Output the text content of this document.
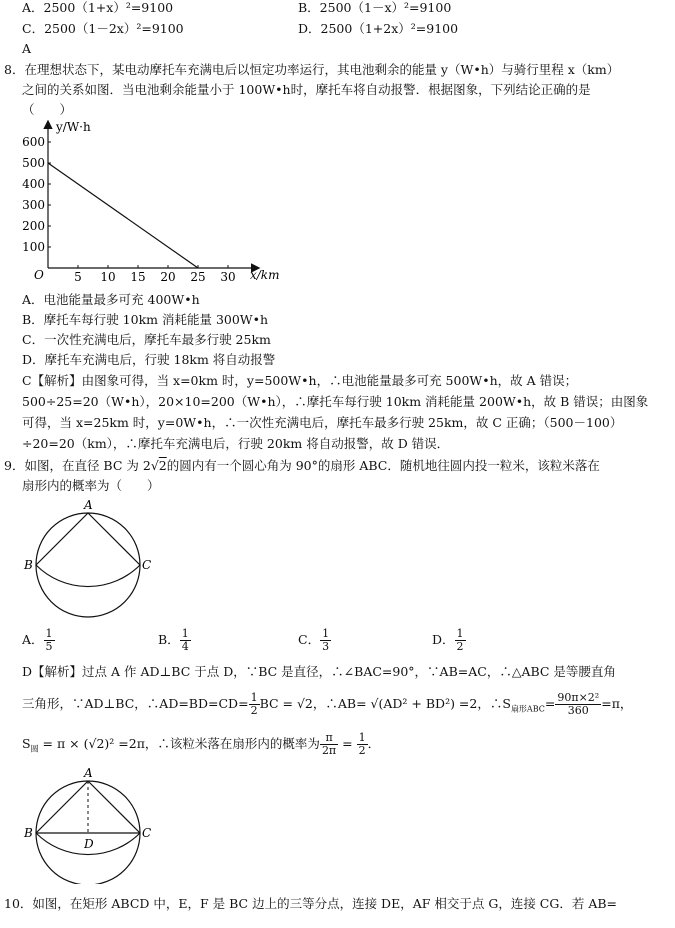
A．2500（1+x）²=9100	B．2500（1－x）²=9100
C．2500（1－2x）²=9100	D．2500（1+2x）²=9100
A
8．在理想状态下，某电动摩托车充满电后以恒定功率运行，其电池剩余的能量 y（W•h）与骑行里程 x（km）
之间的关系如图．当电池剩余能量小于 100W•h时，摩托车将自动报警．根据图象，下列结论正确的是
（　　）
y/W·h
x/km
O	5 10 15 20 25 30
100
200
300
400
500
600
A．电池能量最多可充 400W•h
B．摩托车每行驶 10km 消耗能量 300W•h
C．一次性充满电后，摩托车最多行驶 25km
D．摩托车充满电后，行驶 18km 将自动报警
C【解析】由图象可得，当 x=0km 时，y=500W•h，∴电池能量最多可充 500W•h，故 A 错误；
500÷25=20（W•h），20×10=200（W•h），∴摩托车每行驶 10km 消耗能量 200W•h，故 B 错误；由图象
可得，当 x=25km 时，y=0W•h，∴一次性充满电后，摩托车最多行驶 25km，故 C 正确；（500－100）
÷20=20（km），∴摩托车充满电后，行驶 20km 将自动报警，故 D 错误．
9．如图，在直径 BC 为 2√2的圆内有一个圆心角为 90°的扇形 ABC．随机地往圆内投一粒米，该粒米落在
扇形内的概率为（　　）
A
B	C
A． $\frac{1}{5}$	B． $\frac{1}{4}$	C． $\frac{1}{3}$	D． $\frac{1}{2}$
D【解析】过点 A 作 AD⊥BC 于点 D，∵BC 是直径，∴∠BAC=90°，∵AB=AC，∴△ABC 是等腰直角
三角形，∵AD⊥BC，∴AD=BD=CD= $\frac{1}{2}$ BC = √2，∴AB= √(AD² + BD²) =2，$\therefore S_{扇形ABC}= \frac{\text{90π×2²}}{360} =\pi$，
$S_圆 = \pi \times (√2)^2 =2\pi$，∴该粒米落在扇形内的概率为 $\frac{\pi}{2\pi} = \frac{1}{2}$ ．
A
B	C
D
10．如图，在矩形 ABCD 中，E，F 是 BC 边上的三等分点，连接 DE，AF 相交于点 G，连接 CG．若 AB=
